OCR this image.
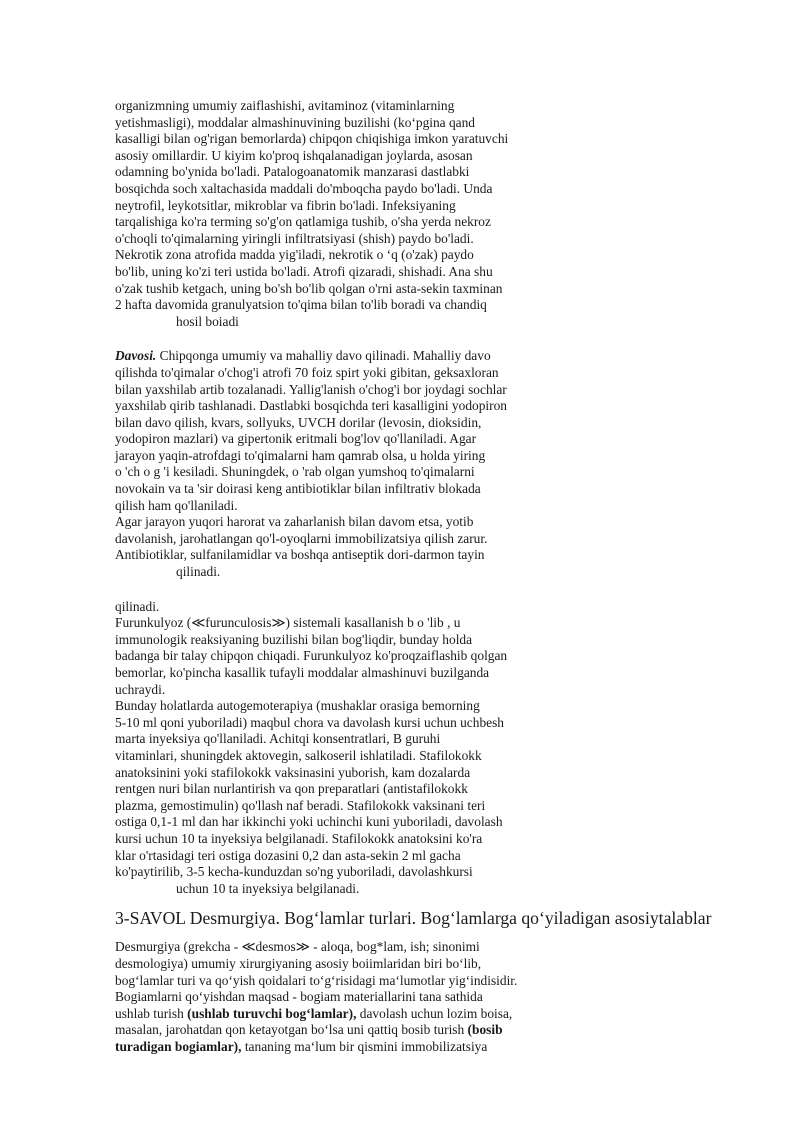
organizmning umumiy zaiflashishi, avitaminoz (vitaminlarning
yetishmasligi), moddalar almashinuvining buzilishi (koʻpgina qand
kasalligi bilan og'rigan bemorlarda) chipqon chiqishiga imkon yaratuvchi
asosiy omillardir. U kiyim ko'proq ishqalanadigan joylarda, asosan
odamning bo'ynida bo'ladi. Patalogoanatomik manzarasi dastlabki
bosqichda soch xaltachasida maddali do'mboqcha paydo bo'ladi. Unda
neytrofil, leykotsitlar, mikroblar va fibrin bo'ladi. Infeksiyaning
tarqalishiga ko'ra terming so'g'on qatlamiga tushib, o'sha yerda nekroz
o'choqli to'qimalarning yiringli infiltratsiyasi (shish) paydo bo'ladi.
Nekrotik zona atrofida madda yig'iladi, nekrotik o ʻq (o'zak) paydo
bo'lib, uning ko'zi teri ustida bo'ladi. Atrofi qizaradi, shishadi. Ana shu
o'zak tushib ketgach, uning bo'sh bo'lib qolgan o'rni asta-sekin taxminan
2 hafta davomida granulyatsion to'qima bilan to'lib boradi va chandiq
hosil boiadi
Davosi. Chipqonga umumiy va mahalliy davo qilinadi. Mahalliy davo
qilishda to'qimalar o'chog'i atrofi 70 foiz spirt yoki gibitan, geksaxloran
bilan yaxshilab artib tozalanadi. Yallig'lanish o'chog'i bor joydagi sochlar
yaxshilab qirib tashlanadi. Dastlabki bosqichda teri kasalligini yodopiron
bilan davo qilish, kvars, sollyuks, UVCH dorilar (levosin, dioksidin,
yodopiron mazlari) va gipertonik eritmali bog'lov qo'llaniladi. Agar
jarayon yaqin-atrofdagi to'qimalarni ham qamrab olsa, u holda yiring
o 'ch o g 'i kesiladi. Shuningdek, o 'rab olgan yumshoq to'qimalarni
novokain va ta 'sir doirasi keng antibiotiklar bilan infiltrativ blokada
qilish ham qo'llaniladi.
Agar jarayon yuqori harorat va zaharlanish bilan davom etsa, yotib
davolanish, jarohatlangan qo'l-oyoqlarni immobilizatsiya qilish zarur.
Antibiotiklar, sulfanilamidlar va boshqa antiseptik dori-darmon tayin
qilinadi.
qilinadi.
Furunkulyoz (≪furunculosis≫) sistemali kasallanish b o 'lib , u
immunologik reaksiyaning buzilishi bilan bog'liqdir, bunday holda
badanga bir talay chipqon chiqadi. Furunkulyoz ko'proqzaiflashib qolgan
bemorlar, ko'pincha kasallik tufayli moddalar almashinuvi buzilganda
uchraydi.
Bunday holatlarda autogemoterapiya (mushaklar orasiga bemorning
5-10 ml qoni yuboriladi) maqbul chora va davolash kursi uchun uchbesh
marta inyeksiya qo'llaniladi. Achitqi konsentratlari, B guruhi
vitaminlari, shuningdek aktovegin, salkoseril ishlatiladi. Stafilokokk
anatoksinini yoki stafilokokk vaksinasini yuborish, kam dozalarda
rentgen nuri bilan nurlantirish va qon preparatlari (antistafilokokk
plazma, gemostimulin) qo'llash naf beradi. Stafilokokk vaksinani teri
ostiga 0,1-1 ml dan har ikkinchi yoki uchinchi kuni yuboriladi, davolash
kursi uchun 10 ta inyeksiya belgilanadi. Stafilokokk anatoksini ko'ra
klar o'rtasidagi teri ostiga dozasini 0,2 dan asta-sekin 2 ml gacha
ko'paytirilib, 3-5 kecha-kunduzdan so'ng yuboriladi, davolashkursi
uchun 10 ta inyeksiya belgilanadi.
3-SAVOL Desmurgiya. Bogʻlamlar turlari. Bogʻlamlarga qoʻyiladigan asosiytalablar
Desmurgiya (grekcha - ≪desmos≫ - aloqa, bog*lam, ish; sinonimi
desmologiya) umumiy xirurgiyaning asosiy boiimlaridan biri boʻlib,
bogʻlamlar turi va qoʻyish qoidalari toʻgʻrisidagi maʻlumotlar yigʻindisidir.
Bogiamlarni qoʻyishdan maqsad - bogiam materiallarini tana sathida
ushlab turish (ushlab turuvchi bogʻlamlar), davolash uchun lozim boisa,
masalan, jarohatdan qon ketayotgan boʻlsa uni qattiq bosib turish (bosib
turadigan bogiamlar), tananing maʻlum bir qismini immobilizatsiya
